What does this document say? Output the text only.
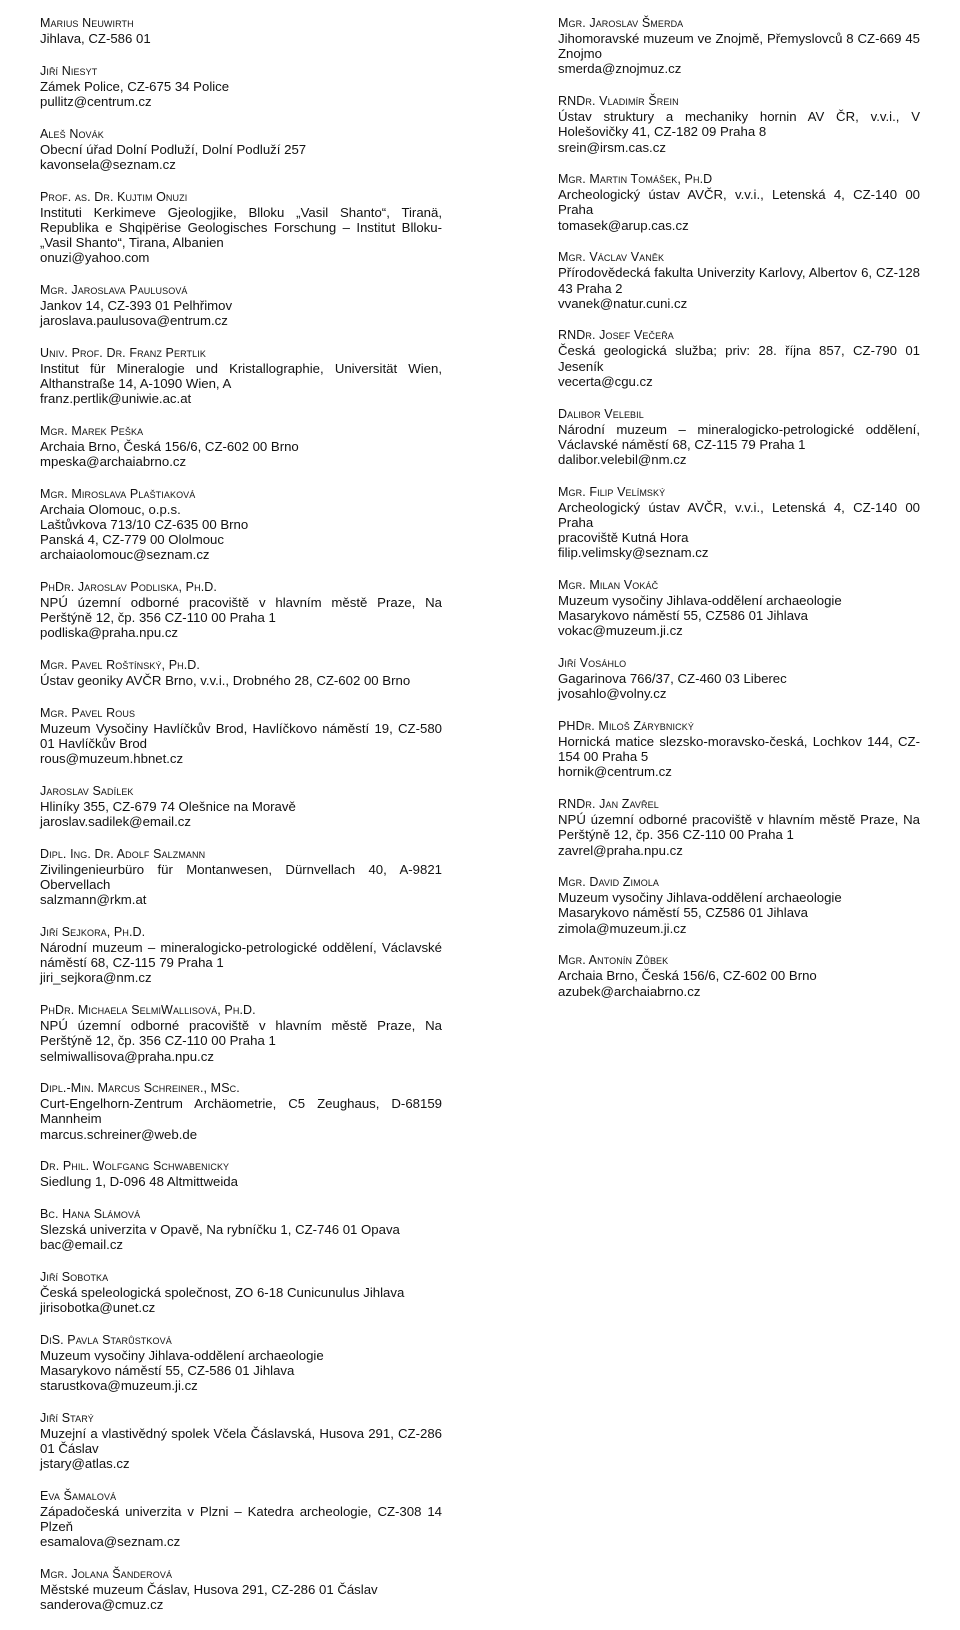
Marius Neuwirth
Jihlava, CZ-586 01
Jiří Niesyt
Zámek Police, CZ-675 34 Police
pullitz@centrum.cz
Aleš Novák
Obecní úřad Dolní Podluží, Dolní Podluží 257
kavonsela@seznam.cz
Prof. as. Dr. Kujtim Onuzi
Instituti Kerkimeve Gjeologjike, Blloku „Vasil Shanto“, Tiranä, Republika e Shqipërise Geologisches Forschung – Institut Blloku- „Vasil Shanto“, Tirana, Albanien
onuzi@yahoo.com
Mgr. Jaroslava Paulusová
Jankov 14, CZ-393 01 Pelhřimov
jaroslava.paulusova@entrum.cz
Univ. Prof. Dr. Franz Pertlik
Institut für Mineralogie und Kristallographie, Universität Wien, Althanstraße 14, A-1090 Wien, A
franz.pertlik@uniwie.ac.at
Mgr. Marek Peška
Archaia Brno, Česká 156/6, CZ-602 00 Brno
mpeska@archaiabrno.cz
Mgr. Miroslava Plaštiaková
Archaia Olomouc, o.p.s.
Laštůvkova 713/10 CZ-635 00 Brno
Panská 4, CZ-779 00 Ololmouc
archaiaolomouc@seznam.cz
PhDr. Jaroslav Podliska, Ph.D.
NPÚ územní odborné pracoviště v hlavním městě Praze, Na Perštýně 12, čp. 356 CZ-110 00 Praha 1
podliska@praha.npu.cz
Mgr. Pavel Roštínský, Ph.D.
Ústav geoniky AVČR Brno, v.v.i., Drobného 28, CZ-602 00 Brno
Mgr. Pavel Rous
Muzeum Vysočiny Havlíčkův Brod, Havlíčkovo náměstí 19, CZ-580 01 Havlíčkův Brod
rous@muzeum.hbnet.cz
Jaroslav Sadílek
Hliníky 355, CZ-679 74 Olešnice na Moravě
jaroslav.sadilek@email.cz
Dipl. Ing. Dr. Adolf Salzmann
Zivilingenieurbüro für Montanwesen, Dürnvellach 40, A-9821 Obervellach
salzmann@rkm.at
Jiří Sejkora, Ph.D.
Národní muzeum – mineralogicko-petrologické oddělení, Václavské náměstí 68, CZ-115 79 Praha 1
jiri_sejkora@nm.cz
PhDr. Michaela SelmiWallisová, Ph.D.
NPÚ územní odborné pracoviště v hlavním městě Praze, Na Perštýně 12, čp. 356 CZ-110 00 Praha 1
selmiwallisova@praha.npu.cz
Dipl.-Min. Marcus Schreiner., MSc.
Curt-Engelhorn-Zentrum Archäometrie, C5 Zeughaus, D-68159 Mannheim
marcus.schreiner@web.de
Dr. Phil. Wolfgang Schwabenicky
Siedlung 1, D-096 48 Altmittweida
Bc. Hana Slámová
Slezská univerzita v Opavě, Na rybníčku 1, CZ-746 01 Opava
bac@email.cz
Jiří Sobotka
Česká speleologická společnost, ZO 6-18 Cunicunulus Jihlava
jirisobotka@unet.cz
DiS. Pavla Starůstková
Muzeum vysočiny Jihlava-oddělení archaeologie
Masarykovo náměstí 55, CZ-586 01 Jihlava
starustkova@muzeum.ji.cz
Jiří Starý
Muzejní a vlastivědný spolek Včela Čáslavská, Husova 291, CZ-286 01 Čáslav
jstary@atlas.cz
Eva Šamalová
Západočeská univerzita v Plzni – Katedra archeologie, CZ-308 14 Plzeň
esamalova@seznam.cz
Mgr. Jolana Šanderová
Městské muzeum Čáslav, Husova 291, CZ-286 01 Čáslav
sanderova@cmuz.cz
Mgr. Jaroslav Šmerda
Jihomoravské muzeum ve Znojmě, Přemyslovců 8 CZ-669 45 Znojmo
smerda@znojmuz.cz
RNDr. Vladimír Šrein
Ústav struktury a mechaniky hornin AV ČR, v.v.i., V Holešovičky 41, CZ-182 09 Praha 8
srein@irsm.cas.cz
Mgr. Martin Tomášek, Ph.D
Archeologický ústav AVČR, v.v.i., Letenská 4, CZ-140 00 Praha
tomasek@arup.cas.cz
Mgr. Václav Vaněk
Přírodovědecká fakulta Univerzity Karlovy, Albertov 6, CZ-128 43 Praha 2
vvanek@natur.cuni.cz
RNDr. Josef Večeřa
Česká geologická služba; priv: 28. října 857, CZ-790 01 Jeseník
vecerta@cgu.cz
Dalibor Velebil
Národní muzeum – mineralogicko-petrologické oddělení, Václavské náměstí 68, CZ-115 79 Praha 1
dalibor.velebil@nm.cz
Mgr. Filip Velímský
Archeologický ústav AVČR, v.v.i., Letenská 4, CZ-140 00 Praha
pracoviště Kutná Hora
filip.velimsky@seznam.cz
Mgr. Milan Vokáč
Muzeum vysočiny Jihlava-oddělení archaeologie
Masarykovo náměstí 55, CZ586 01 Jihlava
vokac@muzeum.ji.cz
Jiří Vosáhlo
Gagarinova 766/37, CZ-460 03 Liberec
jvosahlo@volny.cz
PHDr. Miloš Zárybnický
Hornická matice slezsko-moravsko-česká, Lochkov 144, CZ-154 00 Praha 5
hornik@centrum.cz
RNDr. Jan Zavřel
NPÚ územní odborné pracoviště v hlavním městě Praze, Na Perštýně 12, čp. 356 CZ-110 00 Praha 1
zavrel@praha.npu.cz
Mgr. David Zimola
Muzeum vysočiny Jihlava-oddělení archaeologie
Masarykovo náměstí 55, CZ586 01 Jihlava
zimola@muzeum.ji.cz
Mgr. Antonín Zůbek
Archaia Brno, Česká 156/6, CZ-602 00 Brno
azubek@archaiabrno.cz
